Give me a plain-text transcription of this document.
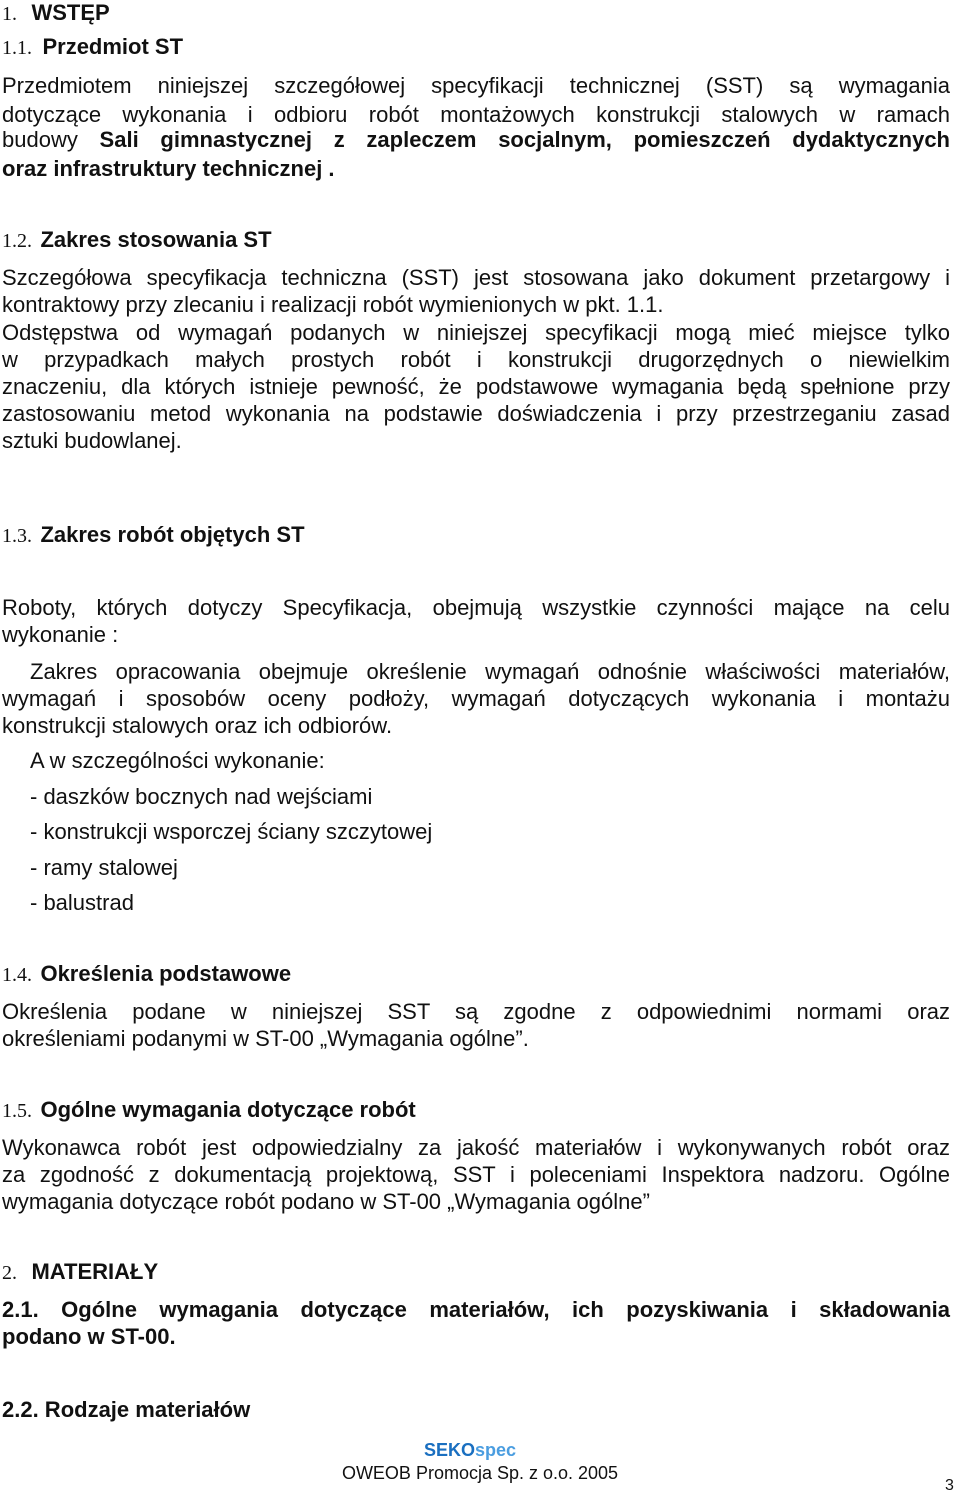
1. WSTĘP
1.1. Przedmiot ST
Przedmiotem niniejszej szczegółowej specyfikacji technicznej (SST) są wymagania
dotyczące wykonania i odbioru robót montażowych konstrukcji stalowych w ramach
budowy Sali gimnastycznej z zapleczem socjalnym, pomieszczeń dydaktycznych
oraz infrastruktury technicznej .
1.2. Zakres stosowania ST
Szczegółowa specyfikacja techniczna (SST) jest stosowana jako dokument przetargowy i
kontraktowy przy zlecaniu i realizacji robót wymienionych w pkt. 1.1.
Odstępstwa od wymagań podanych w niniejszej specyfikacji mogą mieć miejsce tylko
w przypadkach małych prostych robót i konstrukcji drugorzędnych o niewielkim
znaczeniu, dla których istnieje pewność, że podstawowe wymagania będą spełnione przy
zastosowaniu metod wykonania na podstawie doświadczenia i przy przestrzeganiu zasad
sztuki budowlanej.
1.3. Zakres robót objętych ST
Roboty, których dotyczy Specyfikacja, obejmują wszystkie czynności mające na celu
wykonanie :
Zakres opracowania obejmuje określenie wymagań odnośnie właściwości materiałów,
wymagań i sposobów oceny podłoży, wymagań dotyczących wykonania i montażu
konstrukcji stalowych oraz ich odbiorów.
A w szczególności wykonanie:
- daszków bocznych nad wejściami
- konstrukcji wsporczej ściany szczytowej
- ramy stalowej
- balustrad
1.4. Określenia podstawowe
Określenia podane w niniejszej SST są zgodne z odpowiednimi normami oraz
określeniami podanymi w ST-00 „Wymagania ogólne”.
1.5. Ogólne wymagania dotyczące robót
Wykonawca robót jest odpowiedzialny za jakość materiałów i wykonywanych robót oraz
za zgodność z dokumentacją projektową, SST i poleceniami Inspektora nadzoru. Ogólne
wymagania dotyczące robót podano w ST-00 „Wymagania ogólne”
2. MATERIAŁY
2.1. Ogólne wymagania dotyczące materiałów, ich pozyskiwania i składowania
podano w ST-00.
2.2. Rodzaje materiałów
SEKOspec
OWEOB Promocja Sp. z o.o. 2005
3
